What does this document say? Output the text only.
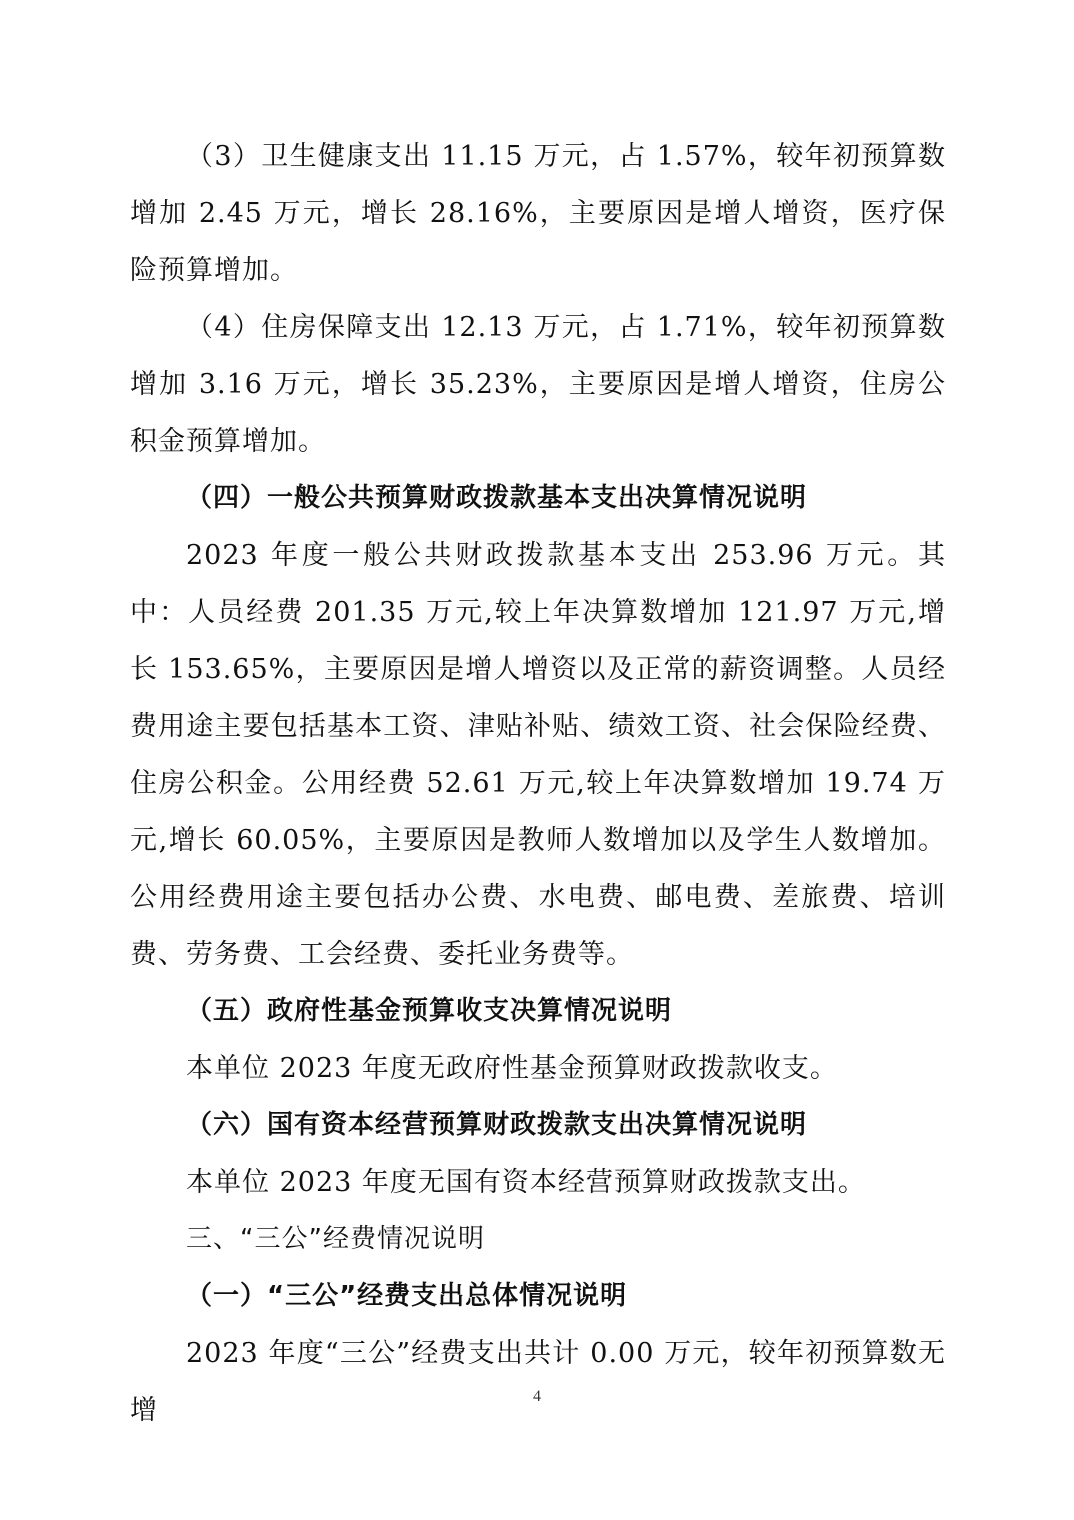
（3）卫生健康支出 11.15 万元，占 1.57%，较年初预算数增加 2.45 万元，增长 28.16%，主要原因是增人增资，医疗保险预算增加。

（4）住房保障支出 12.13 万元，占 1.71%，较年初预算数增加 3.16 万元，增长 35.23%，主要原因是增人增资，住房公积金预算增加。

（四）一般公共预算财政拨款基本支出决算情况说明

2023 年度一般公共财政拨款基本支出 253.96 万元。其中：人员经费 201.35 万元,较上年决算数增加 121.97 万元,增长 153.65%，主要原因是增人增资以及正常的薪资调整。人员经费用途主要包括基本工资、津贴补贴、绩效工资、社会保险经费、住房公积金。公用经费 52.61 万元,较上年决算数增加 19.74 万元,增长 60.05%，主要原因是教师人数增加以及学生人数增加。公用经费用途主要包括办公费、水电费、邮电费、差旅费、培训费、劳务费、工会经费、委托业务费等。

（五）政府性基金预算收支决算情况说明

本单位 2023 年度无政府性基金预算财政拨款收支。

（六）国有资本经营预算财政拨款支出决算情况说明

本单位 2023 年度无国有资本经营预算财政拨款支出。

三、“三公”经费情况说明
（一）“三公”经费支出总体情况说明

2023 年度“三公”经费支出共计 0.00 万元，较年初预算数无增	4
